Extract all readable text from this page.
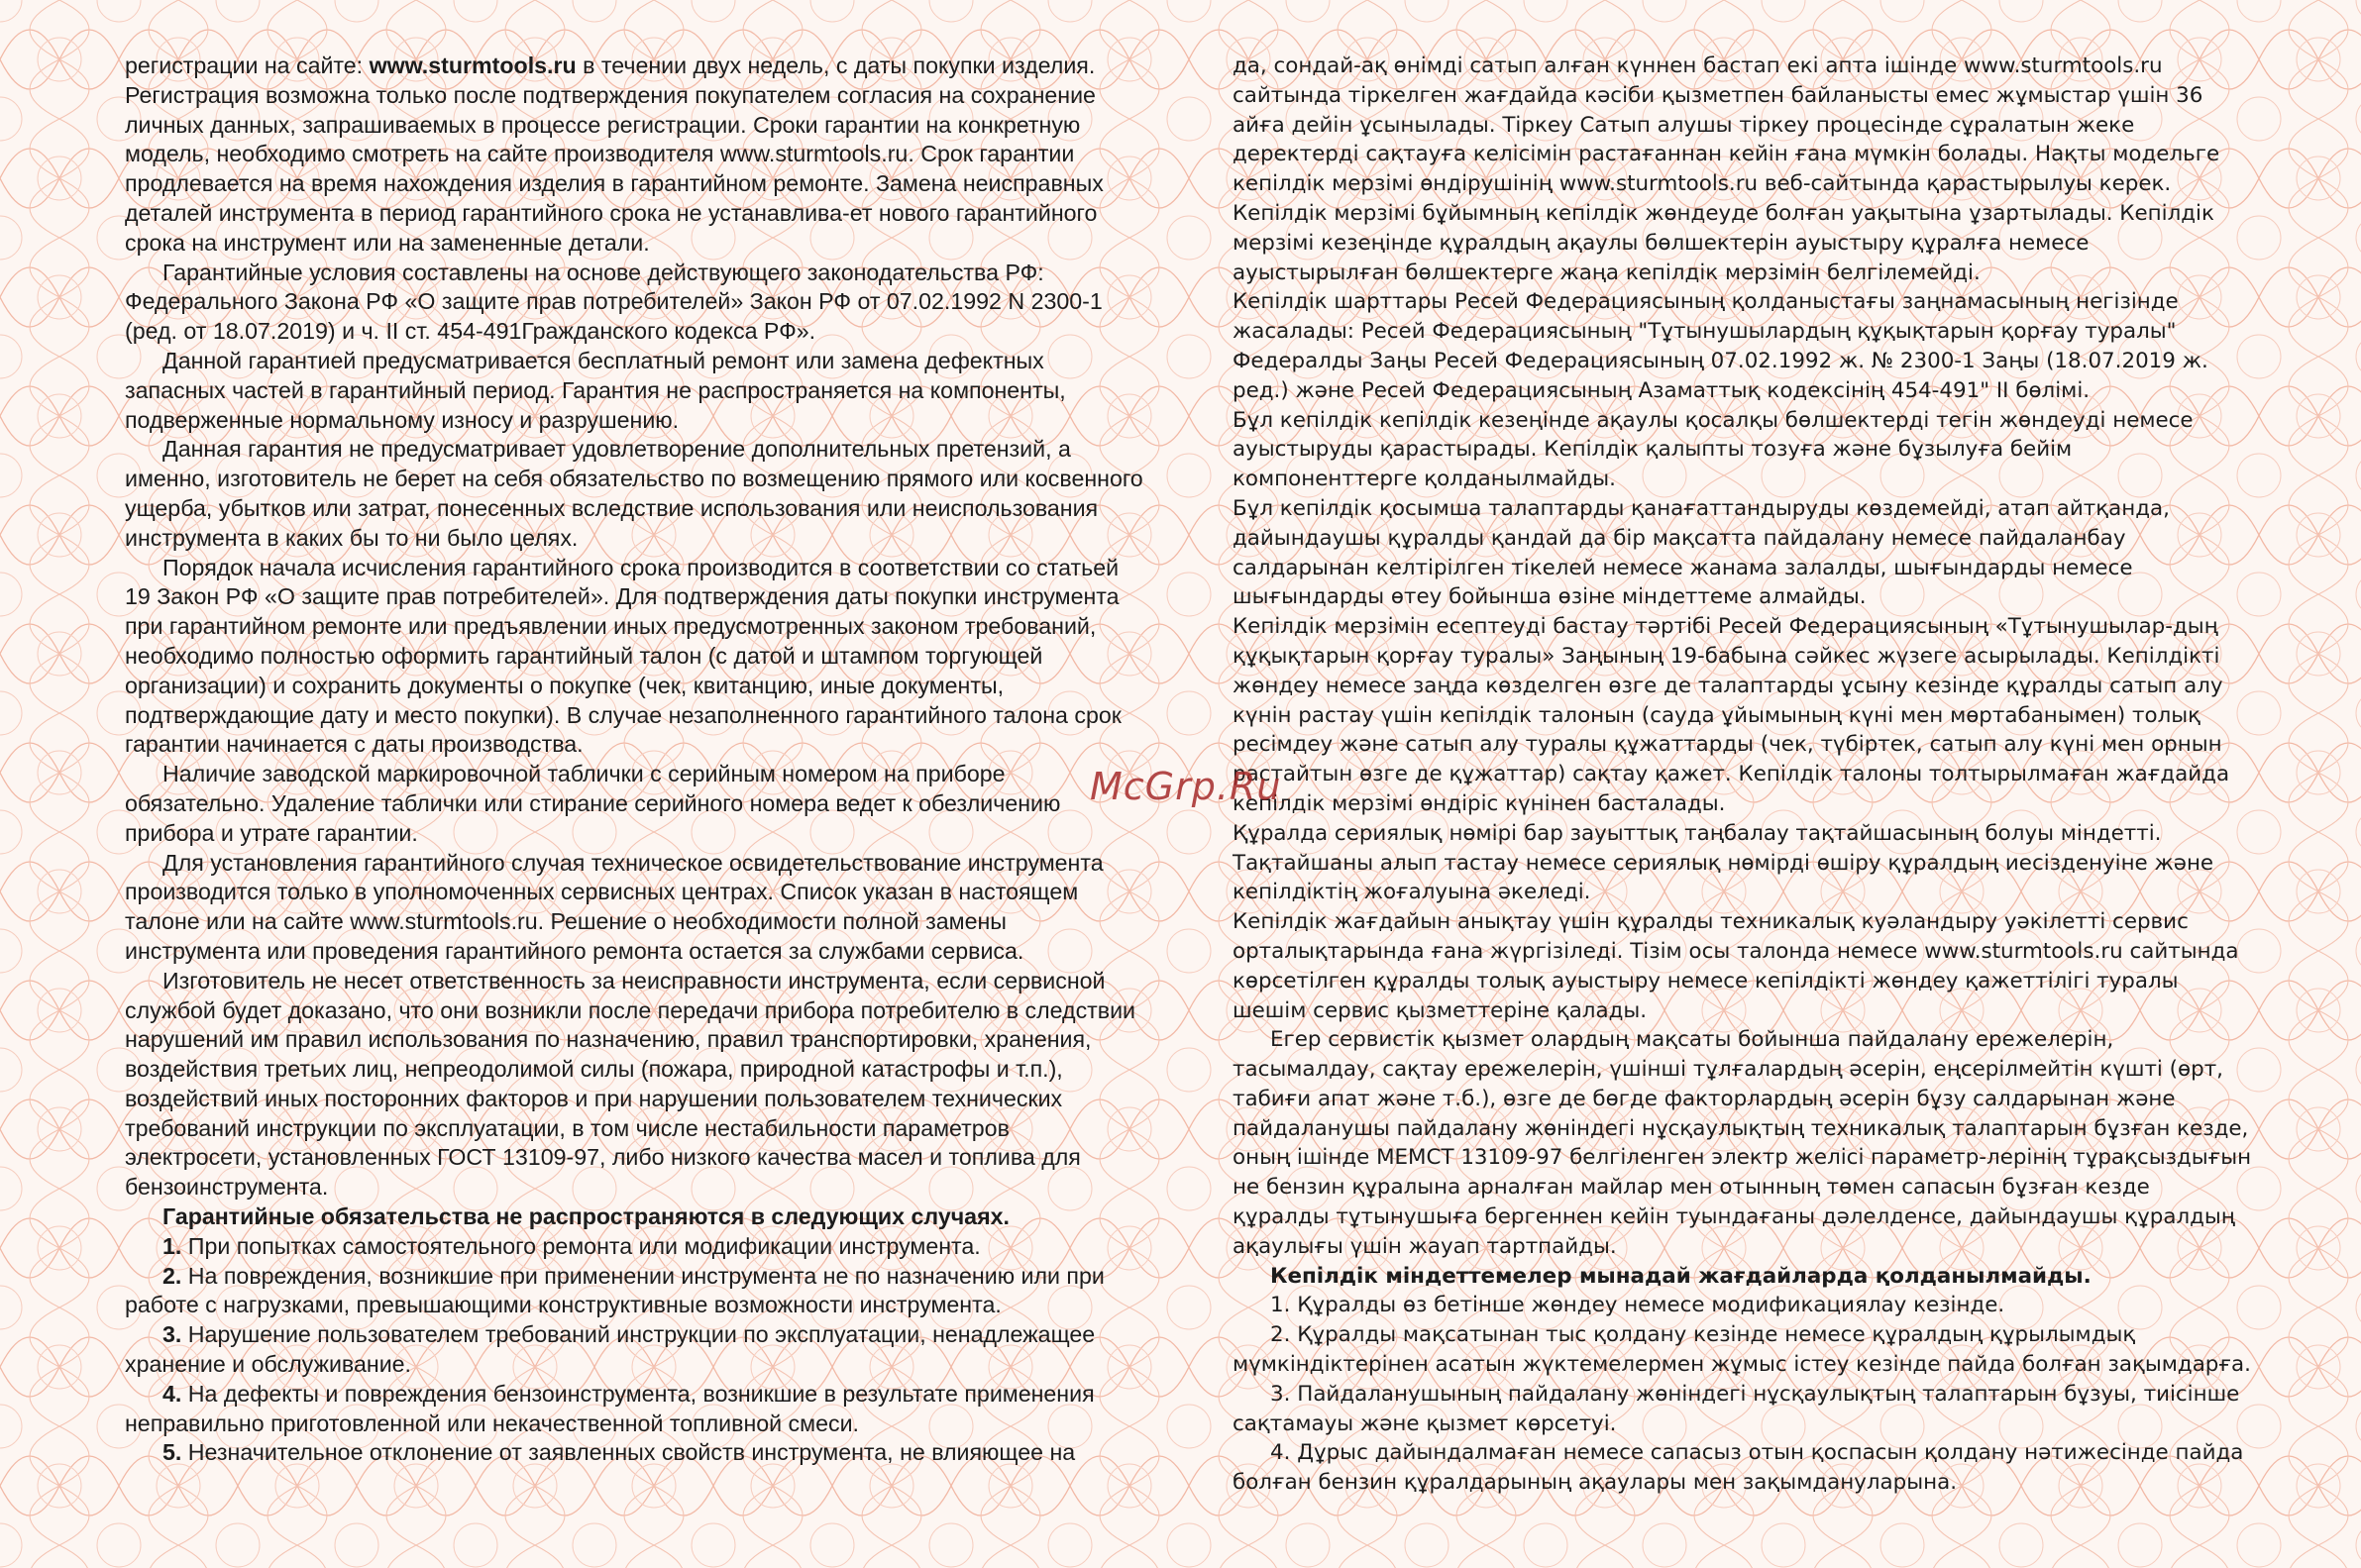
регистрации на сайте: www.sturmtools.ru в течении двух недель, с даты покупки изделия. Регистрация возможна только после подтверждения покупателем согласия на сохранение личных данных, запрашиваемых в процессе регистрации. Сроки гарантии на конкретную модель, необходимо смотреть на сайте производителя www.sturmtools.ru. Срок гарантии продлевается на время нахождения изделия в гарантийном ремонте. Замена неисправных деталей инструмента в период гарантийного срока не устанавлива-ет нового гарантийного срока на инструмент или на замененные детали.

Гарантийные условия составлены на основе действующего законодательства РФ: Федерального Закона РФ «О защите прав потребителей» Закон РФ от 07.02.1992 N 2300-1 (ред. от 18.07.2019) и ч. II ст. 454-491Гражданского кодекса РФ».

Данной гарантией предусматривается бесплатный ремонт или замена дефектных запасных частей в гарантийный период. Гарантия не распространяется на компоненты, подверженные нормальному износу и разрушению.

Данная гарантия не предусматривает удовлетворение дополнительных претензий, а именно, изготовитель не берет на себя обязательство по возмещению прямого или косвенного ущерба, убытков или затрат, понесенных вследствие использования или неиспользования инструмента в каких бы то ни было целях.

Порядок начала исчисления гарантийного срока производится в соответствии со статьей 19 Закон РФ «О защите прав потребителей». Для подтверждения даты покупки инструмента при гарантийном ремонте или предъявлении иных предусмотренных законом требований, необходимо полностью оформить гарантийный талон (с датой и штампом торгующей организации) и сохранить документы о покупке (чек, квитанцию, иные документы, подтверждающие дату и место покупки). В случае незаполненного гарантийного талона срок гарантии начинается с даты производства.

Наличие заводской маркировочной таблички с серийным номером на приборе обязательно. Удаление таблички или стирание серийного номера ведет к обезличению прибора и утрате гарантии.

Для установления гарантийного случая техническое освидетельствование инструмента производится только в уполномоченных сервисных центрах. Список указан в настоящем талоне или на сайте www.sturmtools.ru. Решение о необходимости полной замены инструмента или проведения гарантийного ремонта остается за службами сервиса.

Изготовитель не несет ответственность за неисправности инструмента, если сервисной службой будет доказано, что они возникли после передачи прибора потребителю в следствии нарушений им правил использования по назначению, правил транспортировки, хранения, воздействия третьих лиц, непреодолимой силы (пожара, природной катастрофы и т.п.), воздействий иных посторонних факторов и при нарушении пользователем технических требований инструкции по эксплуатации, в том числе нестабильности параметров электросети, установленных ГОСТ 13109-97, либо низкого качества масел и топлива для бензоинструмента.

Гарантийные обязательства не распространяются в следующих случаях.

1. При попытках самостоятельного ремонта или модификации инструмента.

2. На повреждения, возникшие при применении инструмента не по назначению или при работе с нагрузками, превышающими конструктивные возможности инструмента.

3. Нарушение пользователем требований инструкции по эксплуатации, ненадлежащее хранение и обслуживание.

4. На дефекты и повреждения бензоинструмента, возникшие в результате применения неправильно приготовленной или некачественной топливной смеси.

5. Незначительное отклонение от заявленных свойств инструмента, не влияющее на

да, сондай-ақ өнімді сатып алған күннен бастап екі апта ішінде www.sturmtools.ru сайтында тіркелген жағдайда кәсіби қызметпен байланысты емес жұмыстар үшін 36 айға дейін ұсынылады. Тіркеу Сатып алушы тіркеу процесінде сұралатын жеке деректерді сақтауға келісімін растағаннан кейін ғана мүмкін болады. Нақты модельге кепілдік мерзімі өндірушінің www.sturmtools.ru веб-сайтында қарастырылуы керек. Кепілдік мерзімі бұйымның кепілдік жөндеуде болған уақытына ұзартылады. Кепілдік мерзімі кезеңінде құралдың ақаулы бөлшектерін ауыстыру құралға немесе ауыстырылған бөлшектерге жаңа кепілдік мерзімін белгілемейді.

Кепілдік шарттары Ресей Федерациясының қолданыстағы заңнамасының негізінде жасалады: Ресей Федерациясының "Тұтынушылардың құқықтарын қорғау туралы" Федералды Заңы Ресей Федерациясының 07.02.1992 ж. № 2300-1 Заңы (18.07.2019 ж. ред.) және Ресей Федерациясының Азаматтық кодексінің 454-491" II бөлімі.

Бұл кепілдік кепілдік кезеңінде ақаулы қосалқы бөлшектерді тегін жөндеуді немесе ауыстыруды қарастырады. Кепілдік қалыпты тозуға және бұзылуға бейім компоненттерге қолданылмайды.

Бұл кепілдік қосымша талаптарды қанағаттандыруды көздемейді, атап айтқанда, дайындаушы құралды қандай да бір мақсатта пайдалану немесе пайдаланбау салдарынан келтірілген тікелей немесе жанама залалды, шығындарды немесе шығындарды өтеу бойынша өзіне міндеттеме алмайды.

Кепілдік мерзімін есептеуді бастау тәртібі Ресей Федерациясының «Тұтынушылар-дың құқықтарын қорғау туралы» Заңының 19-бабына сәйкес жүзеге асырылады. Кепілдікті жөндеу немесе заңда көзделген өзге де талаптарды ұсыну кезінде құралды сатып алу күнін растау үшін кепілдік талонын (сауда ұйымының күні мен мөртабанымен) толық ресімдеу және сатып алу туралы құжаттарды (чек, түбіртек, сатып алу күні мен орнын растайтын өзге де құжаттар) сақтау қажет. Кепілдік талоны толтырылмаған жағдайда кепілдік мерзімі өндіріс күнінен басталады.

Құралда сериялық нөмірі бар зауыттық таңбалау тақтайшасының болуы міндетті. Тақтайшаны алып тастау немесе сериялық нөмірді өшіру құралдың иесізденуіне және кепілдіктің жоғалуына әкеледі.

Кепілдік жағдайын анықтау үшін құралды техникалық куәландыру уәкілетті сервис орталықтарында ғана жүргізіледі. Тізім осы талонда немесе www.sturmtools.ru сайтында көрсетілген құралды толық ауыстыру немесе кепілдікті жөндеу қажеттілігі туралы шешім сервис қызметтеріне қалады.

Егер сервистік қызмет олардың мақсаты бойынша пайдалану ережелерін, тасымалдау, сақтау ережелерін, үшінші тұлғалардың әсерін, еңсерілмейтін күшті (өрт, табиғи апат және т.б.), өзге де бөгде факторлардың әсерін бұзу салдарынан және пайдаланушы пайдалану жөніндегі нұсқаулықтың техникалық талаптарын бұзған кезде, оның ішінде МЕМСТ 13109-97 белгіленген электр желісі параметр-лерінің тұрақсыздығын не бензин құралына арналған майлар мен отынның төмен сапасын бұзған кезде құралды тұтынушыға бергеннен кейін туындағаны дәлелденсе, дайындаушы құралдың ақаулығы үшін жауап тартпайды.

Кепілдік міндеттемелер мынадай жағдайларда қолданылмайды.

1. Құралды өз бетінше жөндеу немесе модификациялау кезінде.

2. Құралды мақсатынан тыс қолдану кезінде немесе құралдың құрылымдық мүмкіндіктерінен асатын жүктемелермен жұмыс істеу кезінде пайда болған зақымдарға.

3. Пайдаланушының пайдалану жөніндегі нұсқаулықтың талаптарын бұзуы, тиісінше сақтамауы және қызмет көрсетуі.

4. Дұрыс дайындалмаған немесе сапасыз отын қоспасын қолдану нәтижесінде пайда болған бензин құралдарының ақаулары мен зақымдануларына.

McGrp.Ru
